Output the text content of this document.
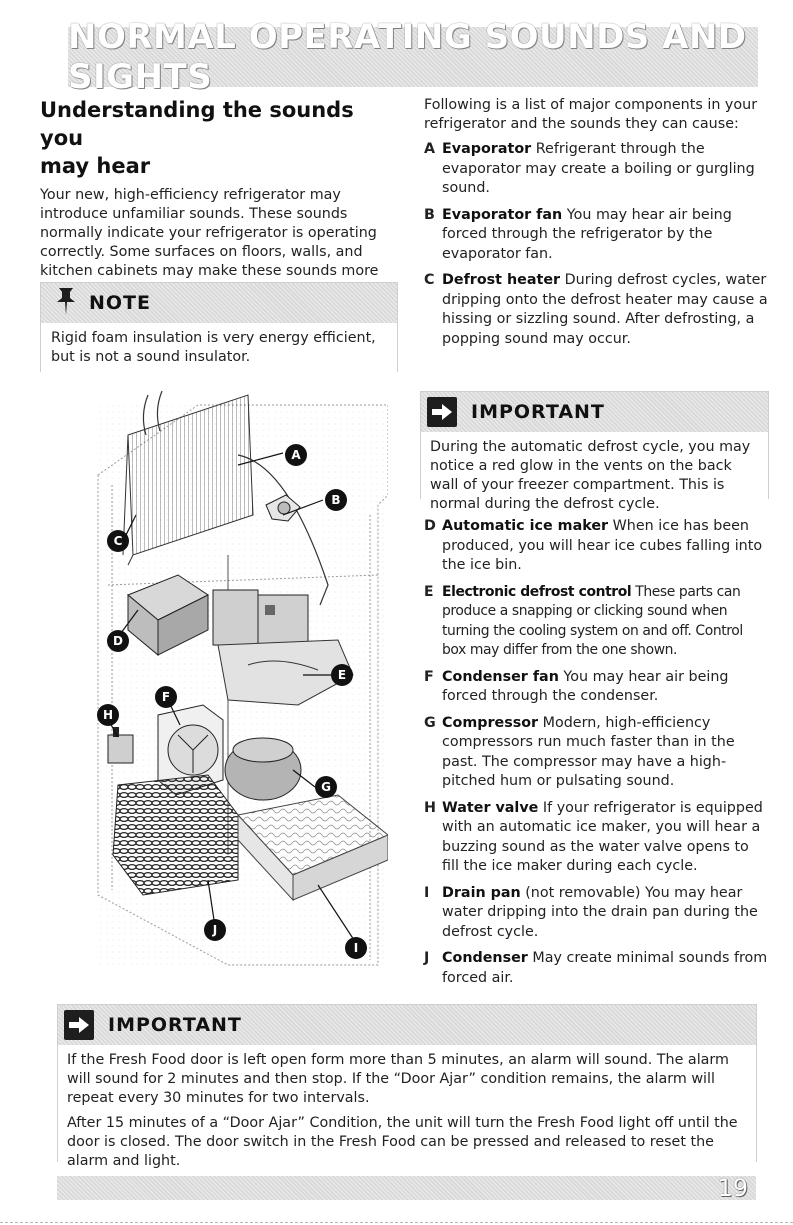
NORMAL OPERATING SOUNDS AND SIGHTS
Understanding the sounds you
may hear

Your new, high-efficiency refrigerator may introduce unfamiliar sounds. These sounds normally indicate your refrigerator is operating correctly. Some surfaces on floors, walls, and kitchen cabinets may make these sounds more

NOTE
Rigid foam insulation is very energy efficient, but is not a sound insulator.
A
B
C
D
E
F
G
H
J
I

Following is a list of major components in your refrigerator and the sounds they can cause:

A Evaporator Refrigerant through the evaporator may create a boiling or gurgling sound.
B Evaporator fan You may hear air being forced through the refrigerator by the evaporator fan.
C Defrost heater During defrost cycles, water dripping onto the defrost heater may cause a hissing or sizzling sound. After defrosting, a popping sound may occur.
IMPORTANT
During the automatic defrost cycle, you may notice a red glow in the vents on the back wall of your freezer compartment. This is normal during the defrost cycle.
D Automatic ice maker When ice has been produced, you will hear ice cubes falling into the ice bin.
E Electronic defrost control These parts can produce a snapping or clicking sound when turning the cooling system on and off. Control box may differ from the one shown.
F Condenser fan You may hear air being forced through the condenser.
G Compressor Modern, high-efficiency compressors run much faster than in the past. The compressor may have a high-pitched hum or pulsating sound.
H Water valve If your refrigerator is equipped with an automatic ice maker, you will hear a buzzing sound as the water valve opens to fill the ice maker during each cycle.
I Drain pan (not removable) You may hear water dripping into the drain pan during the defrost cycle.
J Condenser May create minimal sounds from forced air.
IMPORTANT

If the Fresh Food door is left open form more than 5 minutes, an alarm will sound. The alarm will sound for 2 minutes and then stop. If the “Door Ajar” condition remains, the alarm will repeat every 30 minutes for two intervals.

After 15 minutes of a “Door Ajar” Condition, the unit will turn the Fresh Food light off until the door is closed. The door switch in the Fresh Food can be pressed and released to reset the alarm and light.

19
